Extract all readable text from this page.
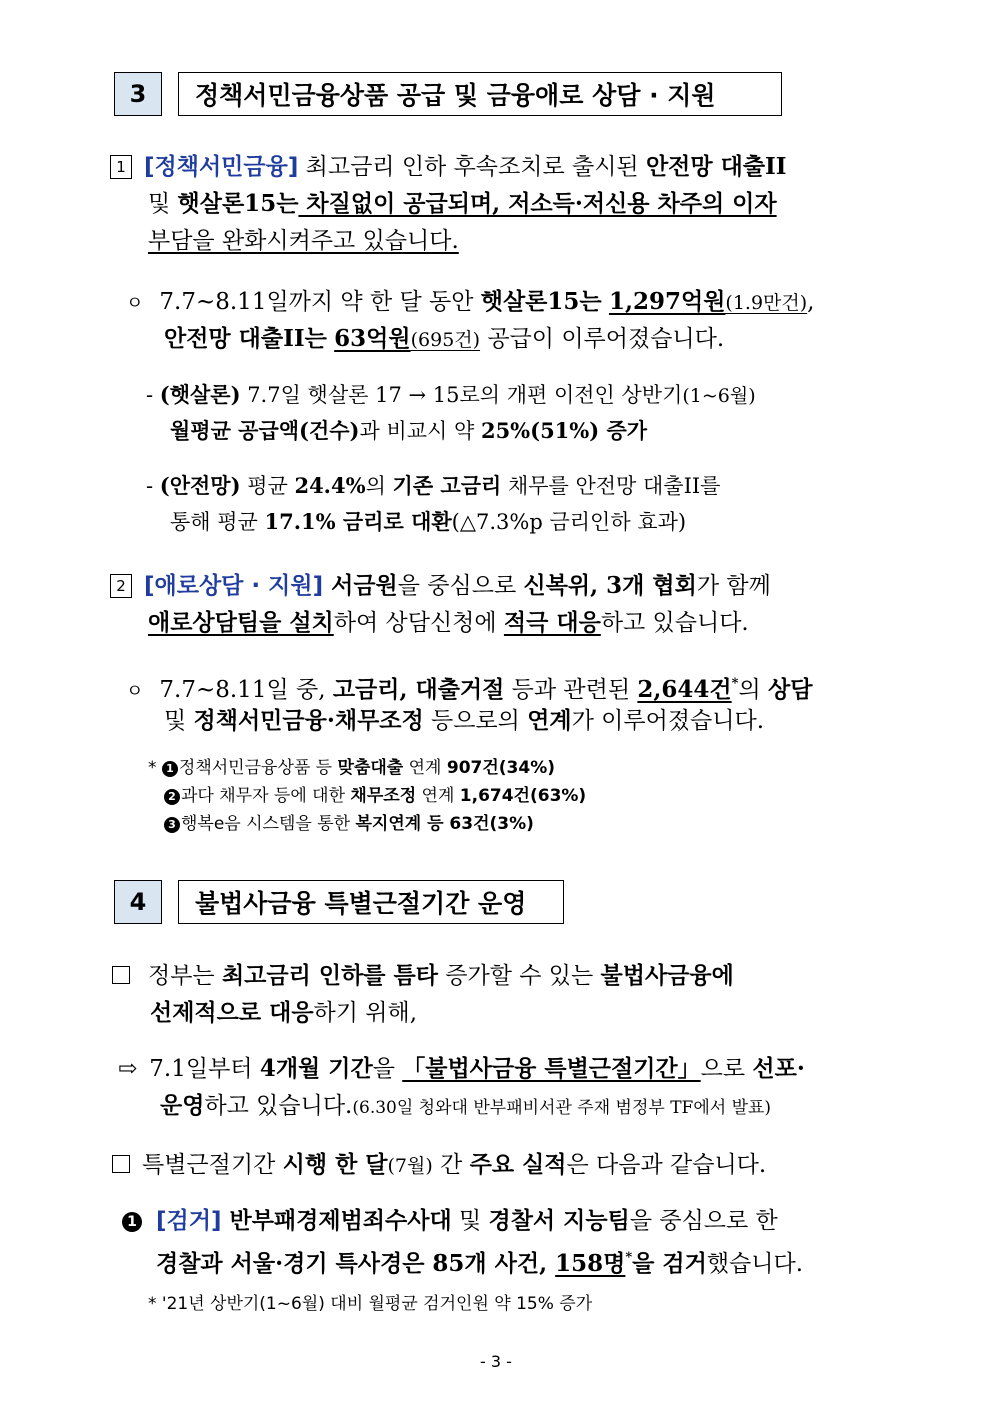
3	정책서민금융상품 공급 및 금융애로 상담 · 지원
1 [정책서민금융] 최고금리 인하 후속조치로 출시된 안전망 대출II
및 햇살론15는 차질없이 공급되며, 저소득·저신용 차주의 이자
부담을 완화시켜주고 있습니다.
ㅇ 7.7~8.11일까지 약 한 달 동안 햇살론15는 1,297억원(1.9만건),
안전망 대출II는 63억원(695건) 공급이 이루어졌습니다.
- (햇살론) 7.7일 햇살론 17 → 15로의 개편 이전인 상반기(1~6월)
월평균 공급액(건수)과 비교시 약 25%(51%) 증가
- (안전망) 평균 24.4%의 기존 고금리 채무를 안전망 대출II를
통해 평균 17.1% 금리로 대환(△7.3%p 금리인하 효과)
2 [애로상담 · 지원] 서금원을 중심으로 신복위, 3개 협회가 함께
애로상담팀을 설치하여 상담신청에 적극 대응하고 있습니다.
ㅇ 7.7~8.11일 중, 고금리, 대출거절 등과 관련된 2,644건*의 상담
및 정책서민금융·채무조정 등으로의 연계가 이루어졌습니다.
* 1 정책서민금융상품 등 맞춤대출 연계 907건(34%)
2 과다 채무자 등에 대한 채무조정 연계 1,674건(63%)
3 행복e음 시스템을 통한 복지연계 등 63건(3%)
4	불법사금융 특별근절기간 운영
정부는 최고금리 인하를 틈타 증가할 수 있는 불법사금융에
선제적으로 대응하기 위해,
⇨ 7.1일부터 4개월 기간을 「불법사금융 특별근절기간」으로 선포·
운영하고 있습니다.(6.30일 청와대 반부패비서관 주재 범정부 TF에서 발표)
특별근절기간 시행 한 달(7월) 간 주요 실적은 다음과 같습니다.
1 [검거] 반부패경제범죄수사대 및 경찰서 지능팀을 중심으로 한
경찰과 서울·경기 특사경은 85개 사건, 158명*을 검거했습니다.
* '21년 상반기(1~6월) 대비 월평균 검거인원 약 15% 증가
- 3 -
